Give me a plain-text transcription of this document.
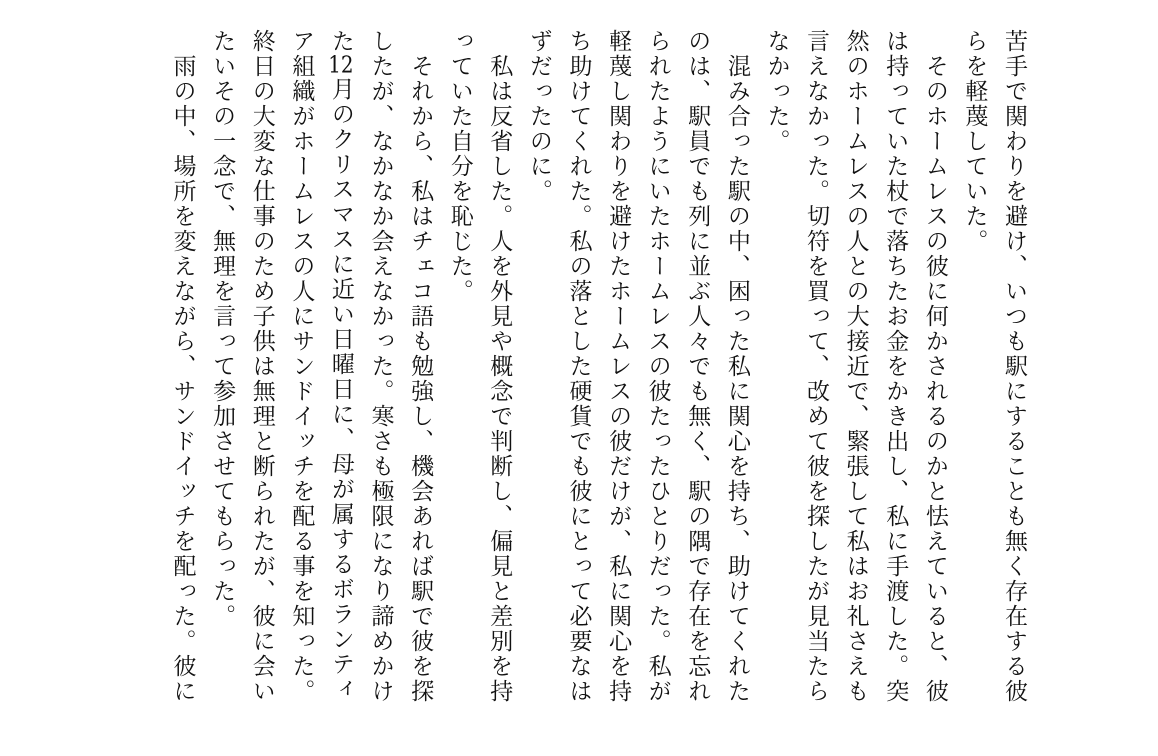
苦手で関わりを避け、いつも駅にすることも無く存在する彼らを軽蔑していた。

そのホームレスの彼に何かされるのかと怯えていると、彼は持っていた杖で落ちたお金をかき出し、私に手渡した。突然のホームレスの人との大接近で、緊張して私はお礼さえも言えなかった。切符を買って、改めて彼を探したが見当たらなかった。

混み合った駅の中、困った私に関心を持ち、助けてくれたのは、駅員でも列に並ぶ人々でも無く、駅の隅で存在を忘れられたようにいたホームレスの彼たったひとりだった。私が軽蔑し関わりを避けたホームレスの彼だけが、私に関心を持ち助けてくれた。私の落とした硬貨でも彼にとって必要なはずだったのに。

私は反省した。人を外見や概念で判断し、偏見と差別を持っていた自分を恥じた。

それから、私はチェコ語も勉強し、機会あれば駅で彼を探したが、なかなか会えなかった。寒さも極限になり諦めかけた12月のクリスマスに近い日曜日に、母が属するボランティア組織がホームレスの人にサンドイッチを配る事を知った。終日の大変な仕事のため子供は無理と断られたが、彼に会いたいその一念で、無理を言って参加させてもらった。

雨の中、場所を変えながら、サンドイッチを配った。彼に
